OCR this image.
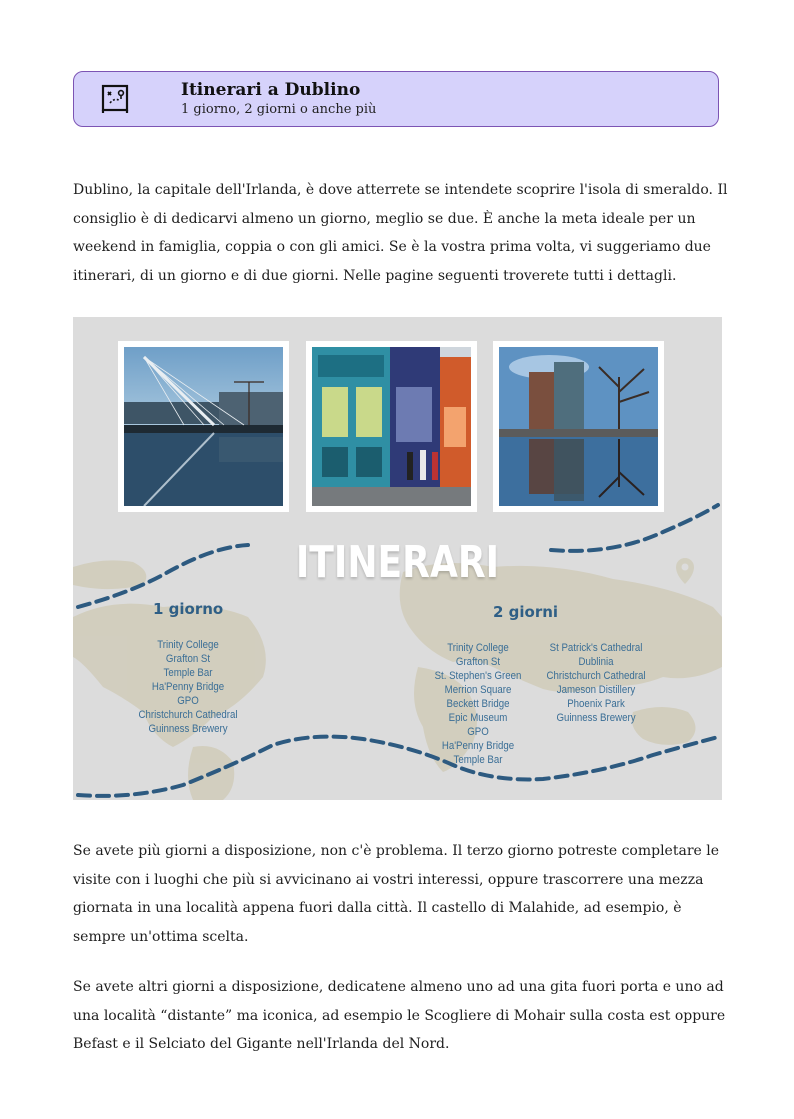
Itinerari a Dublino
1 giorno, 2 giorni o anche più

Dublino, la capitale dell'Irlanda, è dove atterrete se intendete scoprire l'isola di smeraldo. Il consiglio è di dedicarvi almeno un giorno, meglio se due. È anche la meta ideale per un weekend in famiglia, coppia o con gli amici. Se è la vostra prima volta, vi suggeriamo due itinerari, di un giorno e di due giorni. Nelle pagine seguenti troverete tutti i dettagli.

ITINERARI
1 giorno	2 giorni
Trinity College
Grafton St
Temple Bar
Ha'Penny Bridge
GPO
Christchurch Cathedral
Guinness Brewery
Trinity College
Grafton St
St. Stephen's Green
Merrion Square
Beckett Bridge
Epic Museum
GPO
Ha'Penny Bridge
Temple Bar
St Patrick's Cathedral
Dublinia
Christchurch Cathedral
Jameson Distillery
Phoenix Park
Guinness Brewery

Se avete più giorni a disposizione, non c'è problema. Il terzo giorno potreste completare le visite con i luoghi che più si avvicinano ai vostri interessi, oppure trascorrere una mezza giornata in una località appena fuori dalla città. Il castello di Malahide, ad esempio, è sempre un'ottima scelta.

Se avete altri giorni a disposizione, dedicatene almeno uno ad una gita fuori porta e uno ad una località “distante” ma iconica, ad esempio le Scogliere di Mohair sulla costa est oppure Befast e il Selciato del Gigante nell'Irlanda del Nord.
